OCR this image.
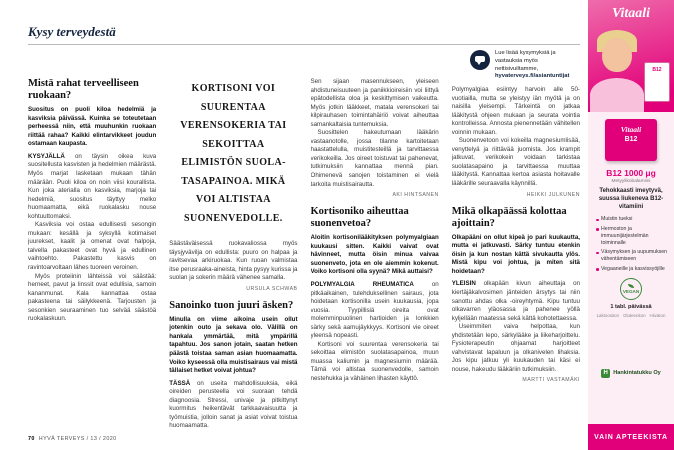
Kysy terveydestä
Lue lisää kysymyksiä ja vastauksia myös nettisivuiltamme, hyvaterveys.fi/asiantuntijat
Mistä rahat terveelliseen ruokaan?
Suositus on puoli kiloa hedelmiä ja kasviksia päivässä. Kuinka se toteutetaan perheessä niin, että muuhunkin ruokaan riittää rahaa? Kaikki elintarvikkeet joudun ostamaan kaupasta.

KYSYJÄLLÄ on täysin oikea kuva suositellusta kasvisten ja hedelmien määrästä. Myös marjat lasketaan mukaan tähän määrään. Puoli kiloa on noin viisi kourallista. Kun joka aterialla on kasviksia, marjoja tai hedelmiä, suositus täyttyy melko huomaamatta, eikä ruokalasku nouse kohtuuttomaksi.

Kasviksia voi ostaa edullisesti sesongin mukaan: kesällä ja syksyllä kotimaiset juurekset, kaalit ja omenat ovat halpoja, talvella pakasteet ovat hyvä ja edullinen vaihtoehto. Pakastettu kasvis on ravintoarvoltaan lähes tuoreen veroinen.

Myös proteiinin lähteissä voi säästää: herneet, pavut ja linssit ovat edullisia, samoin kananmunat. Kala kannattaa ostaa pakasteena tai säilykkeenä. Tarjousten ja sesonkien seuraaminen tuo selvää säästöä ruokalaskuun.

KORTISONI VOI SUURENTAA VERENSOKERIA TAI SEKOITTAA ELIMISTÖN SUOLATASAPAINOA. MIKÄ VOI ALTISTAA SUONENVEDOLLE.

Säästäväisessä ruokavaliossa myös täysjyvävilja on edullista: puuro on halpaa ja ravitsevaa arkiruokaa. Kun ruoan valmistaa itse perusraaka-aineista, hinta pysyy kurissa ja suolan ja sokerin määrä vähenee samalla.

URSULA SCHWAB
Sanoinko tuon juuri äsken?
Minulla on viime aikoina usein ollut jotenkin outo ja sekava olo. Välillä on hankala ymmärtää, mitä ympärillä tapahtuu. Jos sanon jotain, saatan hetken päästä toistaa saman asian huomaamatta. Voiko kyseessä olla muistisairaus vai mistä tällaiset hetket voivat johtua?

TÄSSÄ on useita mahdollisuuksia, eikä oireiden perusteella voi suoraan tehdä diagnoosia. Stressi, univaje ja pitkittynyt kuormitus heikentävät tarkkaavaisuutta ja työmuistia, jolloin sanat ja asiat voivat toistua huomaamatta.

Sen sijaan masennukseen, yleiseen ahdistuneisuuteen ja paniikkioireisiin voi liittyä epätodellista oloa ja keskittymisen vaikeutta. Myös jotkin lääkkeet, matala verensokeri tai kilpirauhasen toimintahäiriö voivat aiheuttaa samankaltaisia tuntemuksia.

Suosittelen hakeutumaan lääkärin vastaanotolle, jossa tilanne kartoitetaan haastattelulla, muistitesteillä ja tarvittaessa verikokeilla. Jos oireet toistuvat tai pahenevat, tutkimuksiin kannattaa mennä pian. Ohimenevä sanojen toistaminen ei vielä tarkoita muistisairautta.

AKI HINTSANEN
Kortisoniko aiheuttaa suonenvetoa?
Aloitin kortisonilääkityksen polymyalgiaan kuukausi sitten. Kaikki vaivat ovat hävinneet, mutta öisin minua vaivaa suonenveto, jota en ole aiemmin kokenut. Voiko kortisoni olla syynä? Mikä auttaisi?

POLYMYALGIA RHEUMATICA	on pitkäaikainen, tulehduksellinen sairaus, jota hoidetaan kortisonilla usein kuukausia, jopa vuosia. Tyypillisiä oireita ovat molemminpuolinen hartioiden ja lonkkien särky sekä aamujäykkyys. Kortisoni vie oireet yleensä nopeasti.

Kortisoni voi suurentaa verensokeria tai sekoittaa elimistön suolatasapainoa, muun muassa kaliumin ja magnesiumin määrää. Tämä voi altistaa suonenvedolle, samoin nestehukka ja vähäinen lihasten käyttö.

Polymyalgiaa esiintyy harvoin alle 50-vuotiailla, mutta se yleistyy iän myötä ja on naisilla yleisempi. Tärkeintä on jatkaa lääkitystä ohjeen mukaan ja seurata vointia kontrolleissa. Annosta pienennetään vähitellen voinnin mukaan.

Suonenvetoon voi kokeilla magnesiumlisää, venyttelyä ja riittävää juomista. Jos krampit jatkuvat, verikokein voidaan tarkistaa suolatasapaino ja tarvittaessa muuttaa lääkitystä. Kannattaa kertoa asiasta hoitavalle lääkärille seuraavalla käynnillä.

HEIKKI JULKUNEN
Mikä olkapäässä kolottaa ajoittain?
Olkapääni on ollut kipeä jo pari kuukautta, mutta ei jatkuvasti. Särky tuntuu etenkin öisin ja kun nostan kättä sivukautta ylös. Mistä kipu voi johtua, ja miten sitä hoidetaan?

YLEISIN olkapään kivun aiheuttaja on kiertäjäkalvosimen jänteiden ärsytys tai niin sanottu ahdas olka -oireyhtymä. Kipu tuntuu olkavarren yläosassa ja pahenee yöllä kyljellään maatessa sekä kättä kohotettaessa.

Useimmiten vaiva helpottaa, kun yhdistetään lepo, särkylääke ja liikeharjoittelu. Fysioterapeutin ohjaamat harjoitteet vahvistavat lapaluun ja olkanivelen lihaksia. Jos kipu jatkuu yli kuukauden tai käsi ei nouse, hakeudu lääkäriin tutkimuksiin.

MARTTI VASTAMÄKI
70 HYVÄ TERVEYS / 13 / 2020
Vitaali
B12
Vitaali
B12
B12 1000 μg
Metyylikobalamiini
Tehokkaasti imeytyvä, suussa liukeneva B12-vitamiini
Muistin tueksi
Hermoston ja immuunijärjestelmän toiminnalle
Väsymyksen ja uupumuksen vähentämiseen
Vegaaneille ja kasvissyöjille
VEGAN
1 tabl. päivässä
Laktoositon Gluteeniton Hiivaton
H Hankintatukku Oy
VAIN APTEEKISTA
